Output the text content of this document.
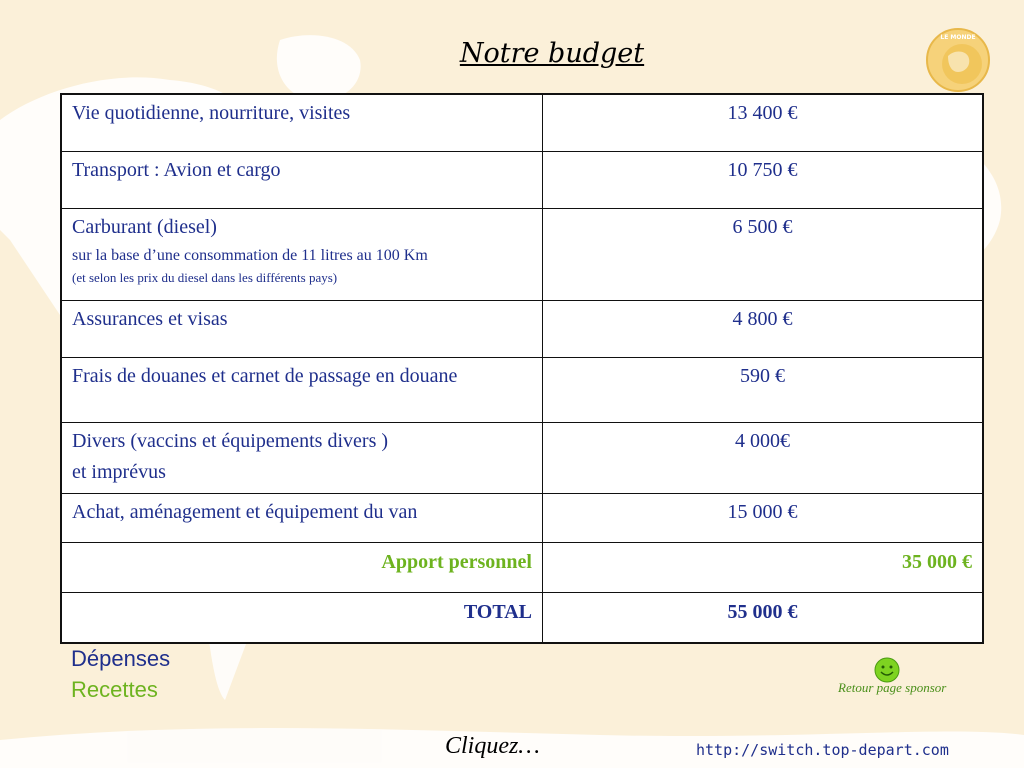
Notre budget
LE MONDE
Vie quotidienne, nourriture, visites	13 400 €
Transport : Avion et cargo	10 750 €

Carburant (diesel)
sur la base d’une consommation de 11 litres au 100 Km
(et selon les prix du diesel dans les différents pays)	6 500 €
Assurances et visas	4 800 €
Frais de douanes et carnet de passage en douane	590 €

Divers (vaccins et équipements divers )
et imprévus	4 000€
Achat, aménagement et équipement du van	15 000 €
Apport personnel	35 000 €
TOTAL	55 000 €
Dépenses
Recettes	Retour page sponsor
Cliquez…	http://switch.top-depart.com
